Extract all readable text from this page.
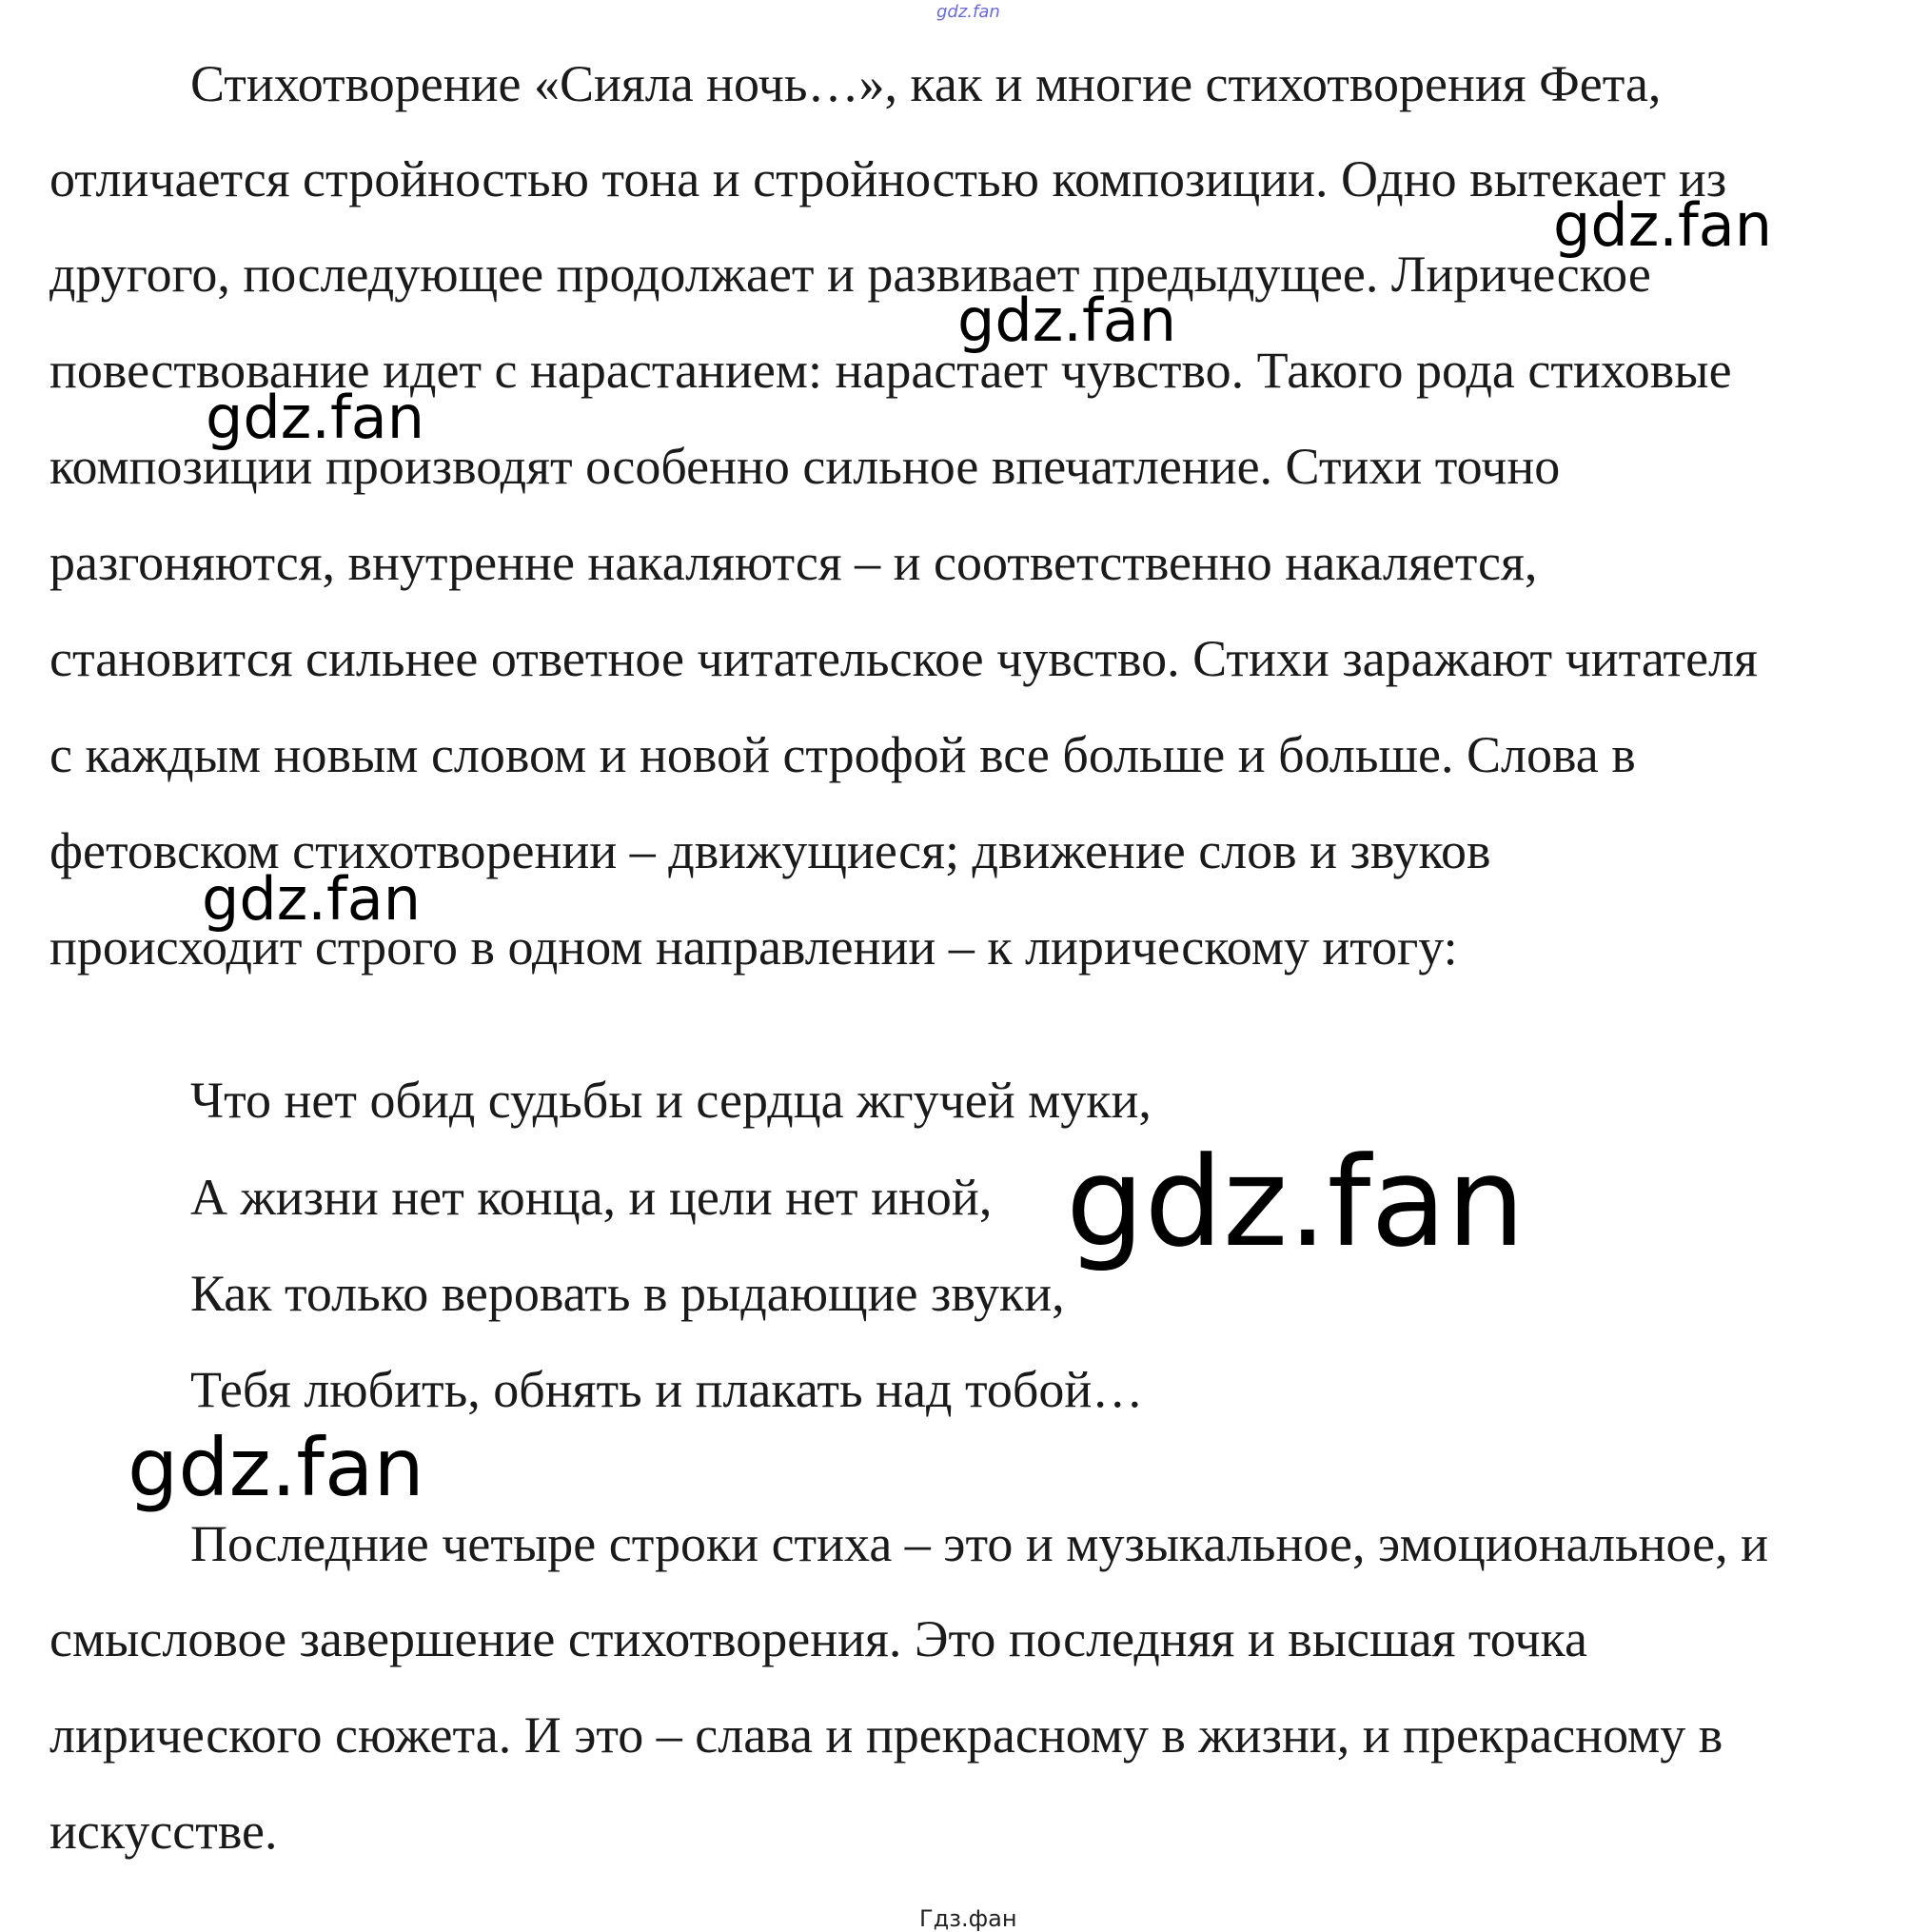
gdz.fan
Стихотворение «Сияла ночь…», как и многие стихотворения Фета,
отличается стройностью тона и стройностью композиции. Одно вытекает из
другого, последующее продолжает и развивает предыдущее. Лирическое
повествование идет с нарастанием: нарастает чувство. Такого рода стиховые
композиции производят особенно сильное впечатление. Стихи точно
разгоняются, внутренне накаляются – и соответственно накаляется,
становится сильнее ответное читательское чувство. Стихи заражают читателя
с каждым новым словом и новой строфой все больше и больше. Слова в
фетовском стихотворении – движущиеся; движение слов и звуков
происходит строго в одном направлении – к лирическому итогу:
Что нет обид судьбы и сердца жгучей муки,
А жизни нет конца, и цели нет иной,
Как только веровать в рыдающие звуки,
Тебя любить, обнять и плакать над тобой…
Последние четыре строки стиха – это и музыкальное, эмоциональное, и
смысловое завершение стихотворения. Это последняя и высшая точка
лирического сюжета. И это – слава и прекрасному в жизни, и прекрасному в
искусстве.
gdz.fan
gdz.fan
gdz.fan
gdz.fan
gdz.fan
gdz.fan
Гдз.фан
